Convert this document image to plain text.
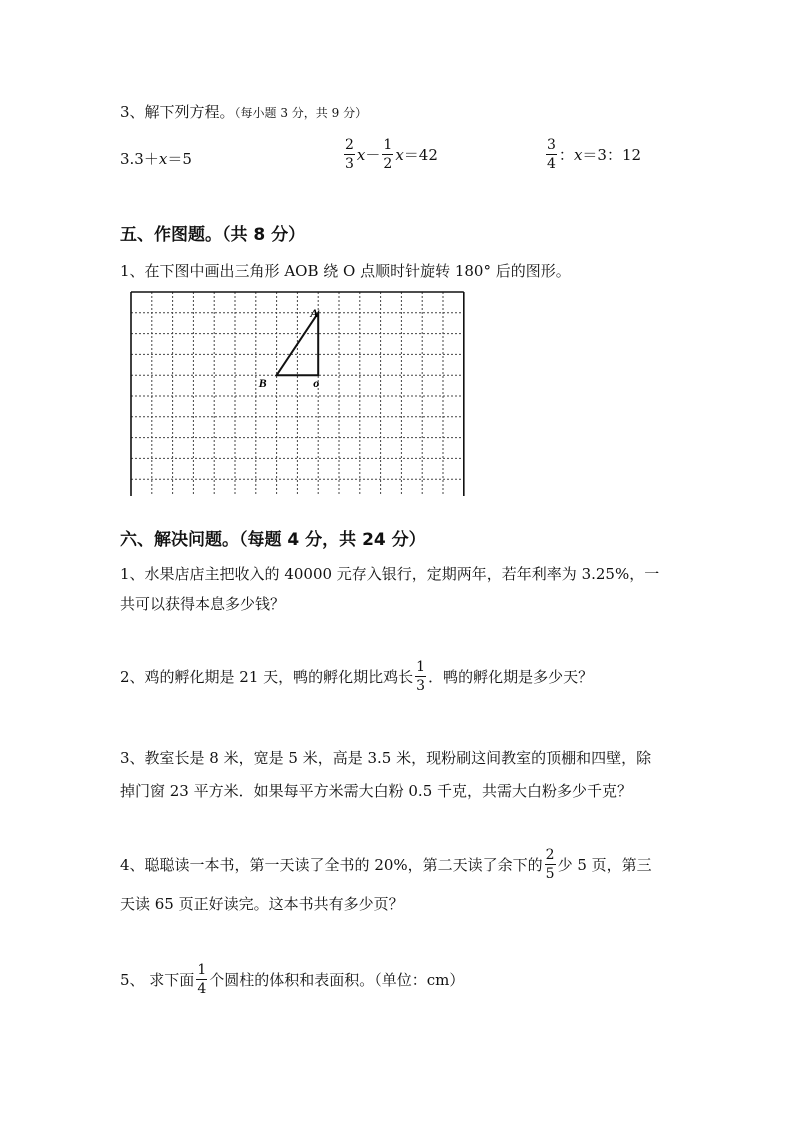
3、解下列方程。（每小题 3 分，共 9 分）
3.3＋ x ＝5	$\frac{2}{3}$ $x - \frac{1}{2}$ x ＝42	$\frac{3}{4}$ ： x ＝3：12
五、作图题。（共 8 分）
1、在下图中画出三角形 AOB 绕 O 点顺时针旋转 180° 后的图形。
A
B	o
六、解决问题。（每题 4 分，共 24 分）
1、水果店店主把收入的 40000 元存入银行，定期两年，若年利率为 3.25%，一
共可以获得本息多少钱？
2、鸡的孵化期是 21 天，鸭的孵化期比鸡长 $\frac{1}{3}$ ．鸭的孵化期是多少天？
3、教室长是 8 米，宽是 5 米，高是 3.5 米，现粉刷这间教室的顶棚和四壁，除
掉门窗 23 平方米．如果每平方米需大白粉 0.5 千克，共需大白粉多少千克？
4、聪聪读一本书，第一天读了全书的 20%，第二天读了余下的 $\frac{2}{5}$ 少 5 页，第三
天读 65 页正好读完。这本书共有多少页？
5、 求下面 $\frac{1}{4}$ 个圆柱的体积和表面积。（单位：cm）
